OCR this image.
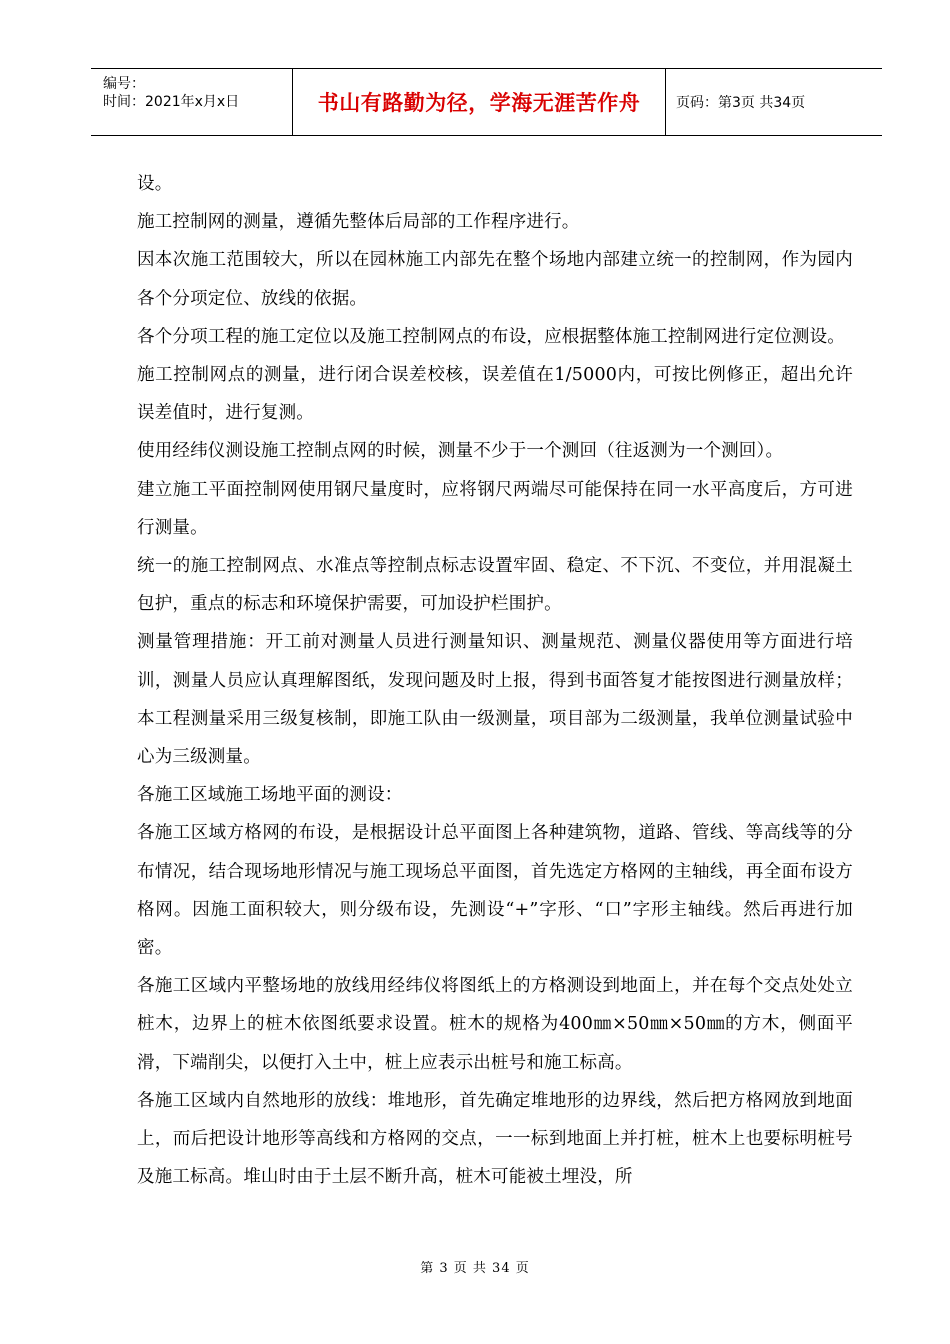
编号：
时间：2021年x月x日	书山有路勤为径，学海无涯苦作舟	页码：第3页 共34页

设。

施工控制网的测量，遵循先整体后局部的工作程序进行。

因本次施工范围较大，所以在园林施工内部先在整个场地内部建立统一的控制网，作为园内各个分项定位、放线的依据。

各个分项工程的施工定位以及施工控制网点的布设，应根据整体施工控制网进行定位测设。

施工控制网点的测量，进行闭合误差校核，误差值在1/5000内，可按比例修正，超出允许误差值时，进行复测。

使用经纬仪测设施工控制点网的时候，测量不少于一个测回（往返测为一个测回）。

建立施工平面控制网使用钢尺量度时，应将钢尺两端尽可能保持在同一水平高度后，方可进行测量。

统一的施工控制网点、水准点等控制点标志设置牢固、稳定、不下沉、不变位，并用混凝土包护，重点的标志和环境保护需要，可加设护栏围护。

测量管理措施：开工前对测量人员进行测量知识、测量规范、测量仪器使用等方面进行培训，测量人员应认真理解图纸，发现问题及时上报，得到书面答复才能按图进行测量放样；本工程测量采用三级复核制，即施工队由一级测量，项目部为二级测量，我单位测量试验中心为三级测量。

各施工区域施工场地平面的测设：

各施工区域方格网的布设，是根据设计总平面图上各种建筑物，道路、管线、等高线等的分布情况，结合现场地形情况与施工现场总平面图，首先选定方格网的主轴线，再全面布设方格网。因施工面积较大，则分级布设，先测设“+”字形、“口”字形主轴线。然后再进行加密。

各施工区域内平整场地的放线用经纬仪将图纸上的方格测设到地面上，并在每个交点处处立桩木，边界上的桩木依图纸要求设置。桩木的规格为400㎜×50㎜×50㎜的方木，侧面平滑，下端削尖，以便打入土中，桩上应表示出桩号和施工标高。

各施工区域内自然地形的放线：堆地形，首先确定堆地形的边界线，然后把方格网放到地面上，而后把设计地形等高线和方格网的交点，一一标到地面上并打桩，桩木上也要标明桩号及施工标高。堆山时由于土层不断升高，桩木可能被土埋没，所

第 3 页 共 34 页
